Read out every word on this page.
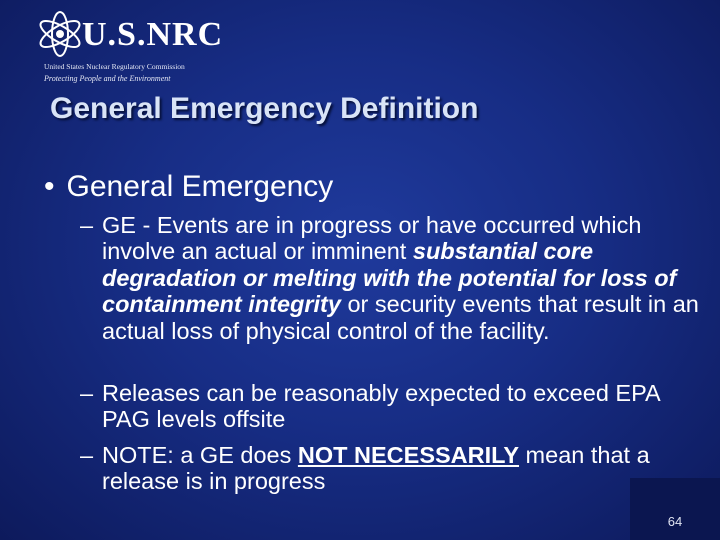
U.S.NRC
United States Nuclear Regulatory Commission
Protecting People and the Environment
General Emergency Definition
• General Emergency
– GE - Events are in progress or have occurred which involve an actual or imminent substantial core degradation or melting with the potential for loss of containment integrity or security events that result in an actual loss of physical control of the facility.
– Releases can be reasonably expected to exceed EPA PAG levels offsite
– NOTE: a GE does NOT NECESSARILY mean that a release is in progress
64
